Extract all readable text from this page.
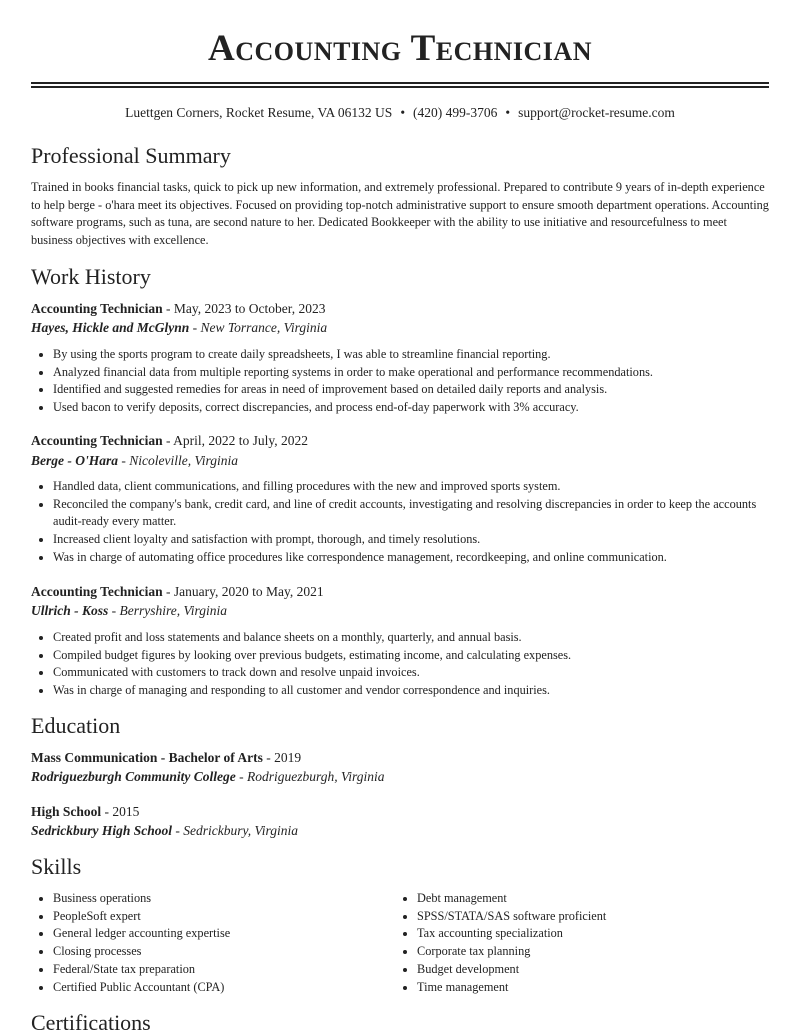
Accounting Technician
Luettgen Corners, Rocket Resume, VA 06132 US • (420) 499-3706 • support@rocket-resume.com
Professional Summary

Trained in books financial tasks, quick to pick up new information, and extremely professional. Prepared to contribute 9 years of in-depth experience to help berge - o'hara meet its objectives. Focused on providing top-notch administrative support to ensure smooth department operations. Accounting software programs, such as tuna, are second nature to her. Dedicated Bookkeeper with the ability to use initiative and resourcefulness to meet business objectives with excellence.

Work History
Accounting Technician - May, 2023 to October, 2023
Hayes, Hickle and McGlynn - New Torrance, Virginia
• By using the sports program to create daily spreadsheets, I was able to streamline financial reporting.
• Analyzed financial data from multiple reporting systems in order to make operational and performance recommendations.
• Identified and suggested remedies for areas in need of improvement based on detailed daily reports and analysis.
• Used bacon to verify deposits, correct discrepancies, and process end-of-day paperwork with 3% accuracy.
Accounting Technician - April, 2022 to July, 2022
Berge - O'Hara - Nicoleville, Virginia
• Handled data, client communications, and filling procedures with the new and improved sports system.
• Reconciled the company's bank, credit card, and line of credit accounts, investigating and resolving discrepancies in order to keep the accounts audit-ready every matter.
• Increased client loyalty and satisfaction with prompt, thorough, and timely resolutions.
• Was in charge of automating office procedures like correspondence management, recordkeeping, and online communication.
Accounting Technician - January, 2020 to May, 2021
Ullrich - Koss - Berryshire, Virginia
• Created profit and loss statements and balance sheets on a monthly, quarterly, and annual basis.
• Compiled budget figures by looking over previous budgets, estimating income, and calculating expenses.
• Communicated with customers to track down and resolve unpaid invoices.
• Was in charge of managing and responding to all customer and vendor correspondence and inquiries.
Education
Mass Communication - Bachelor of Arts - 2019
Rodriguezburgh Community College - Rodriguezburgh, Virginia
High School - 2015
Sedrickbury High School - Sedrickbury, Virginia
Skills
• Business operations
• PeopleSoft expert
• General ledger accounting expertise
• Closing processes
• Federal/State tax preparation
• Certified Public Accountant (CPA)
• Debt management
• SPSS/STATA/SAS software proficient
• Tax accounting specialization
• Corporate tax planning
• Budget development
• Time management
Certifications
